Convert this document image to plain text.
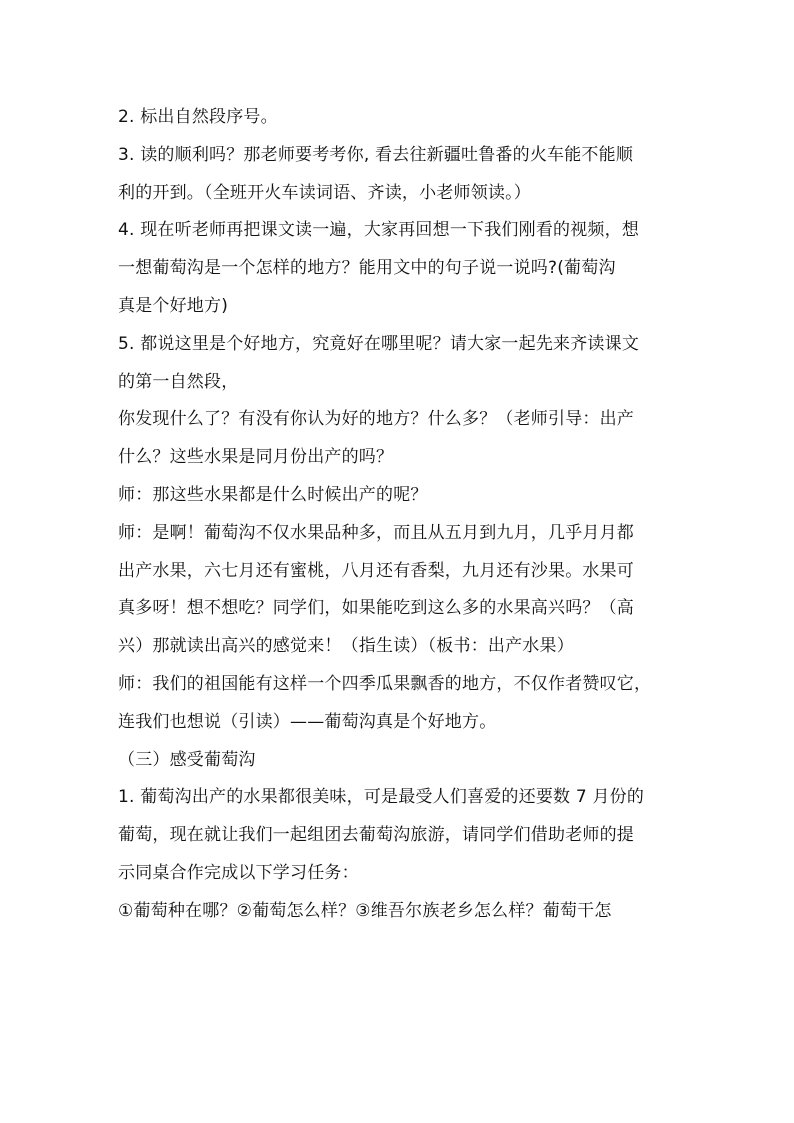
2. 标出自然段序号。
3. 读的顺利吗？那老师要考考你, 看去往新疆吐鲁番的火车能不能顺
利的开到。（全班开火车读词语、齐读，小老师领读。）
4. 现在听老师再把课文读一遍，大家再回想一下我们刚看的视频，想
一想葡萄沟是一个怎样的地方？能用文中的句子说一说吗?(葡萄沟
真是个好地方)
5. 都说这里是个好地方，究竟好在哪里呢？请大家一起先来齐读课文
的第一自然段，
你发现什么了？有没有你认为好的地方？什么多？（老师引导：出产
什么？这些水果是同月份出产的吗？
师：那这些水果都是什么时候出产的呢？
师：是啊！葡萄沟不仅水果品种多，而且从五月到九月，几乎月月都
出产水果，六七月还有蜜桃，八月还有香梨，九月还有沙果。水果可
真多呀！想不想吃？同学们，如果能吃到这么多的水果高兴吗？（高
兴）那就读出高兴的感觉来！（指生读）（板书：出产水果）
师：我们的祖国能有这样一个四季瓜果飘香的地方，不仅作者赞叹它，
连我们也想说（引读）——葡萄沟真是个好地方。
（三）感受葡萄沟
1. 葡萄沟出产的水果都很美味，可是最受人们喜爱的还要数 7 月份的
葡萄，现在就让我们一起组团去葡萄沟旅游，请同学们借助老师的提
示同桌合作完成以下学习任务：
①葡萄种在哪？②葡萄怎么样？③维吾尔族老乡怎么样？葡萄干怎
